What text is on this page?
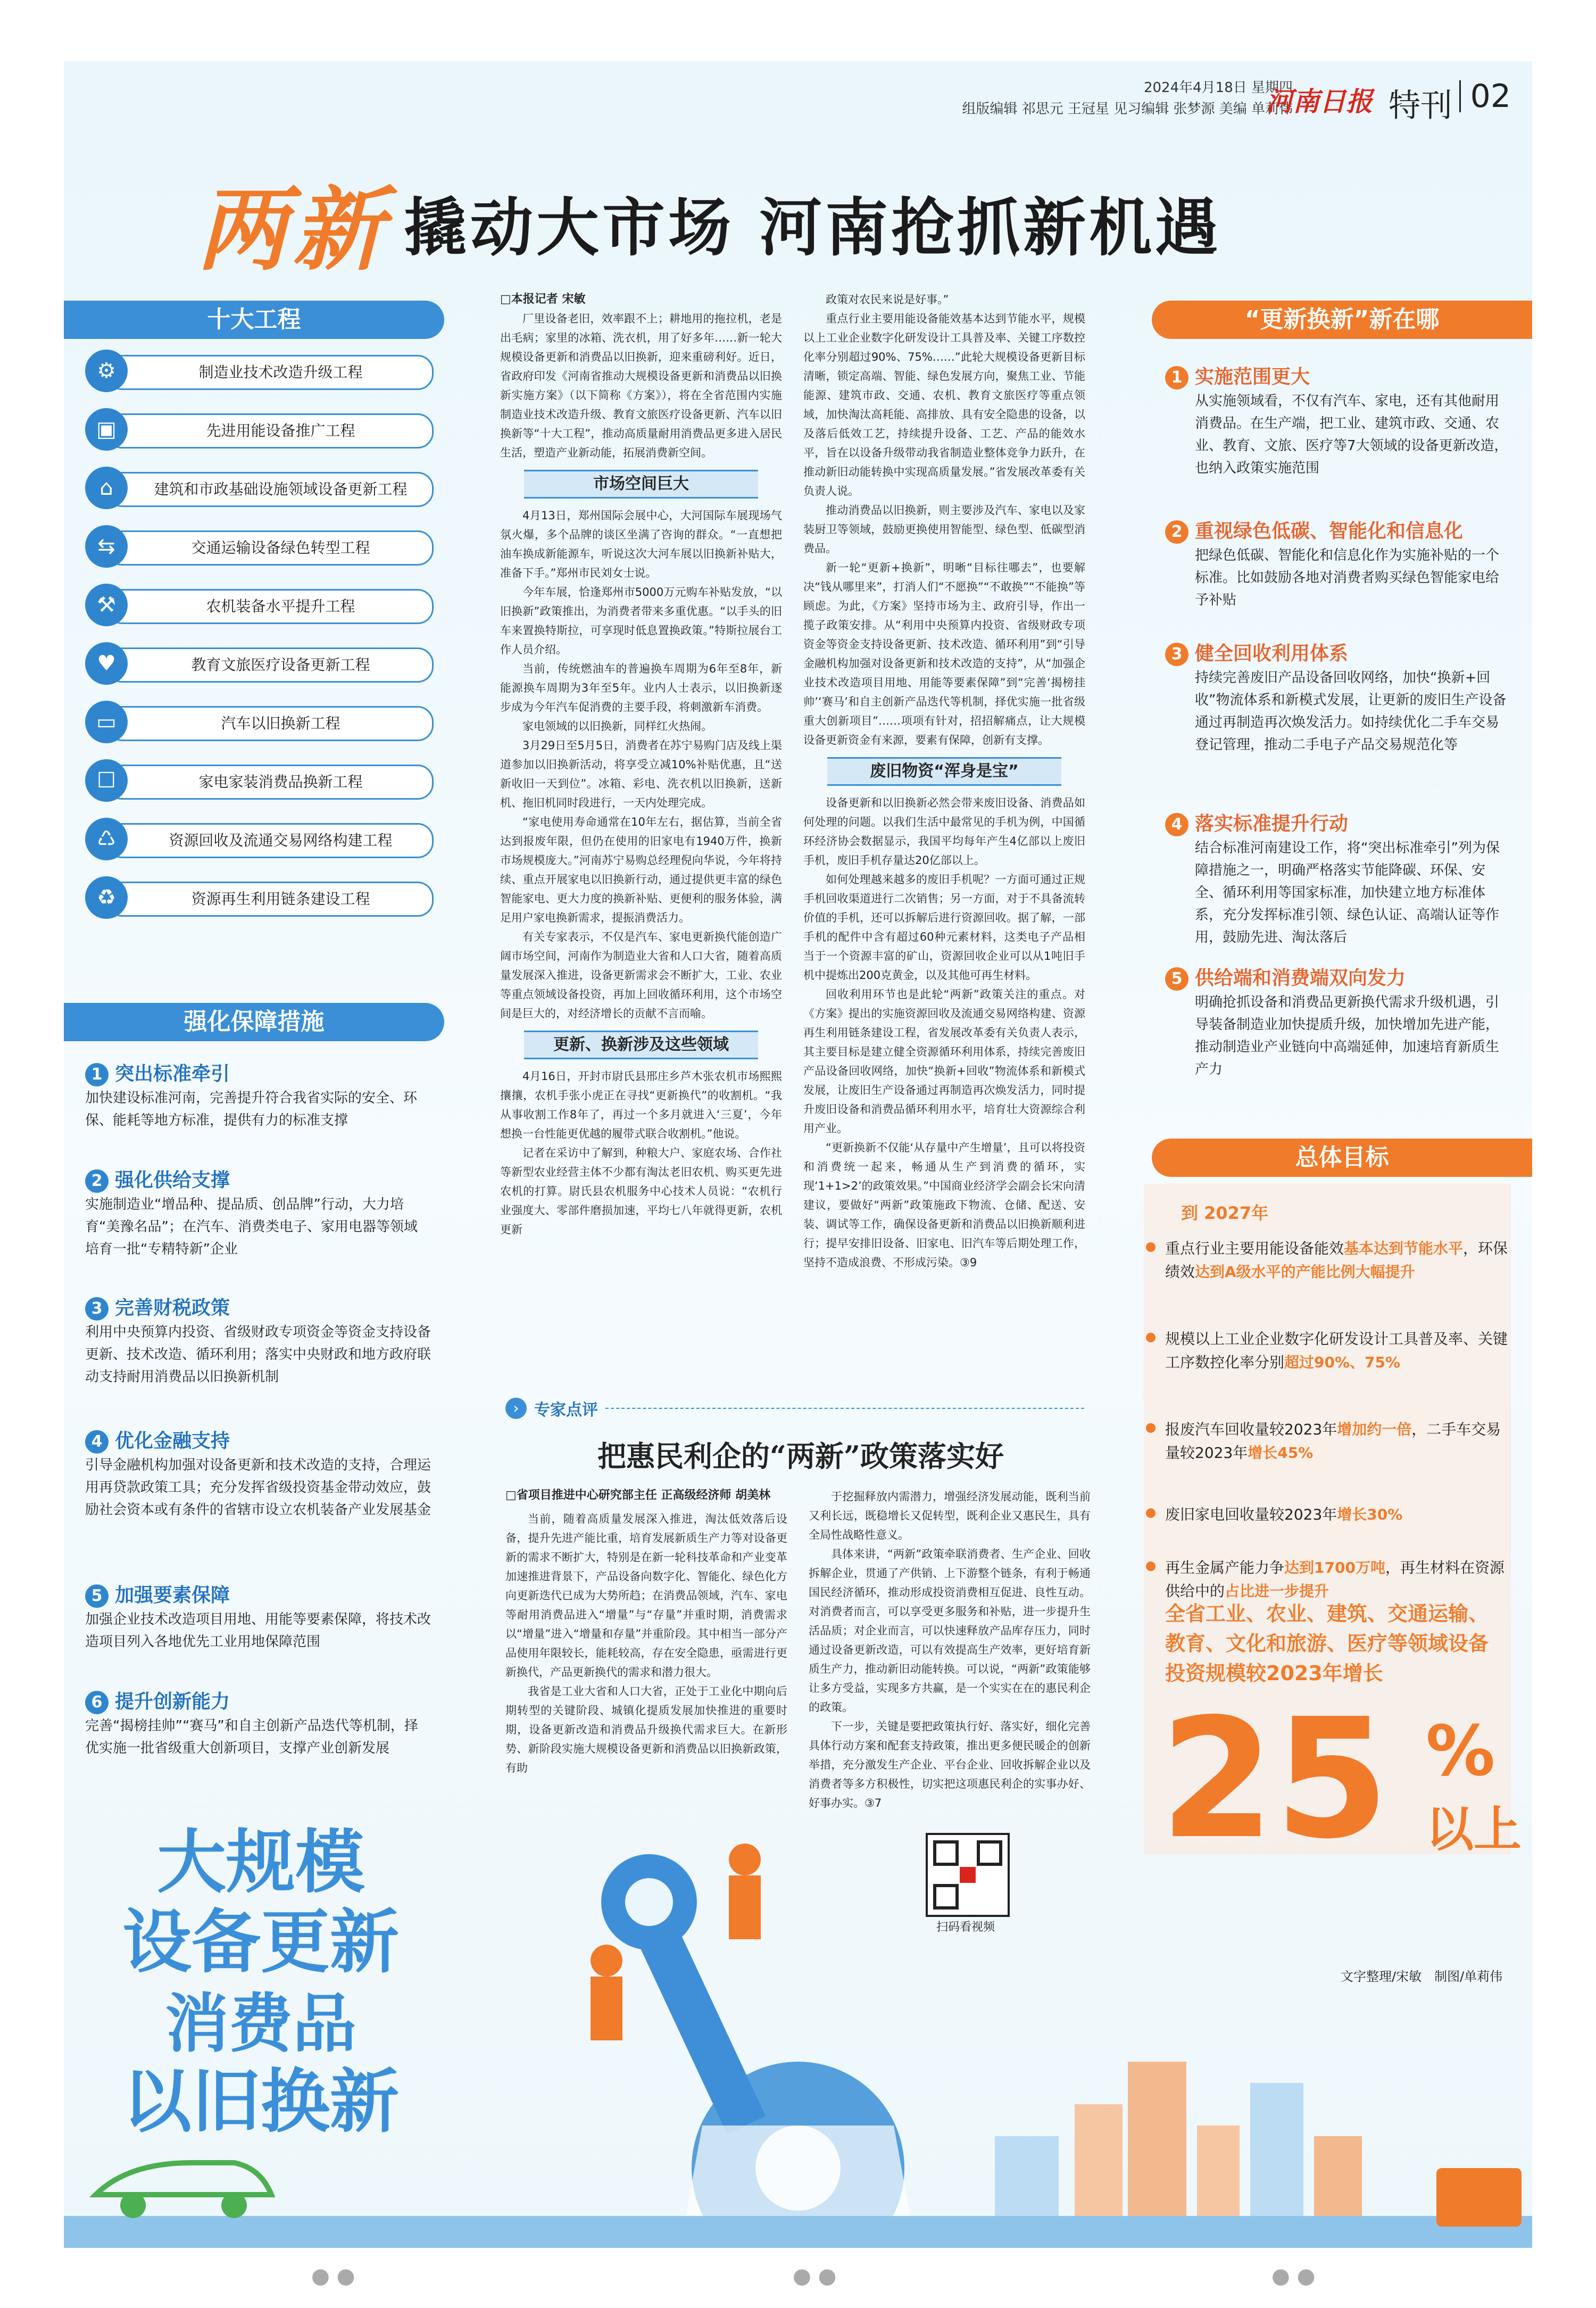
2024年4月18日 星期四
组版编辑 祁思元 王冠星 见习编辑 张梦源 美编 单莉伟
河南日报 特刊 02
两新 撬动大市场 河南抢抓新机遇
十大工程
⚙	制造业技术改造升级工程
▣	先进用能设备推广工程
⌂	建筑和市政基础设施领域设备更新工程
⇆	交通运输设备绿色转型工程
⚒	农机装备水平提升工程
♥	教育文旅医疗设备更新工程
▭	汽车以旧换新工程
☐	家电家装消费品换新工程
♺	资源回收及流通交易网络构建工程
♻	资源再生利用链条建设工程
强化保障措施
1 突出标准牵引
加快建设标准河南，完善提升符合我省实际的安全、环保、能耗等地方标准，提供有力的标准支撑
2 强化供给支撑
实施制造业“增品种、提品质、创品牌”行动，大力培育“美豫名品”；在汽车、消费类电子、家用电器等领域培育一批“专精特新”企业
3 完善财税政策
利用中央预算内投资、省级财政专项资金等资金支持设备更新、技术改造、循环利用；落实中央财政和地方政府联动支持耐用消费品以旧换新机制
4 优化金融支持
引导金融机构加强对设备更新和技术改造的支持，合理运用再贷款政策工具；充分发挥省级投资基金带动效应，鼓励社会资本或有条件的省辖市设立农机装备产业发展基金
5 加强要素保障
加强企业技术改造项目用地、用能等要素保障，将技术改造项目列入各地优先工业用地保障范围
6 提升创新能力
完善“揭榜挂帅”“赛马”和自主创新产品迭代等机制，择优实施一批省级重大创新项目，支撑产业创新发展
大规模
设备更新
消费品
以旧换新
□本报记者 宋敏

厂里设备老旧，效率跟不上；耕地用的拖拉机，老是出毛病；家里的冰箱、洗衣机，用了好多年……新一轮大规模设备更新和消费品以旧换新，迎来重磅利好。近日，省政府印发《河南省推动大规模设备更新和消费品以旧换新实施方案》（以下简称《方案》），将在全省范围内实施制造业技术改造升级、教育文旅医疗设备更新、汽车以旧换新等“十大工程”，推动高质量耐用消费品更多进入居民生活，塑造产业新动能，拓展消费新空间。

市场空间巨大

4月13日，郑州国际会展中心，大河国际车展现场气氛火爆，多个品牌的谈区坐满了咨询的群众。“一直想把油车换成新能源车，听说这次大河车展以旧换新补贴大，准备下手。”郑州市民刘女士说。

今年车展，恰逢郑州市5000万元购车补贴发放，“以旧换新”政策推出，为消费者带来多重优惠。“以手头的旧车来置换特斯拉，可享现时低息置换政策。”特斯拉展台工作人员介绍。

当前，传统燃油车的普遍换车周期为6年至8年，新能源换车周期为3年至5年。业内人士表示，以旧换新逐步成为今年汽车促消费的主要手段，将刺激新车消费。

家电领域的以旧换新，同样红火热闹。

3月29日至5月5日，消费者在苏宁易购门店及线上渠道参加以旧换新活动，将享受立减10%补贴优惠，且“送新收旧一天到位”。冰箱、彩电、洗衣机以旧换新，送新机、拖旧机同时段进行，一天内处理完成。

“家电使用寿命通常在10年左右，据估算，当前全省达到报废年限，但仍在使用的旧家电有1940万件，换新市场规模庞大。”河南苏宁易购总经理倪向华说，今年将持续、重点开展家电以旧换新行动，通过提供更丰富的绿色智能家电、更大力度的换新补贴、更便利的服务体验，满足用户家电换新需求，提振消费活力。

有关专家表示，不仅是汽车、家电更新换代能创造广阔市场空间，河南作为制造业大省和人口大省，随着高质量发展深入推进，设备更新需求会不断扩大，工业、农业等重点领域设备投资，再加上回收循环利用，这个市场空间是巨大的，对经济增长的贡献不言而喻。

更新、换新涉及这些领域

4月16日，开封市尉氏县邢庄乡芦木张农机市场熙熙攘攘，农机手张小虎正在寻找“更新换代”的收割机。“我从事收割工作8年了，再过一个多月就进入‘三夏’，今年想换一台性能更优越的履带式联合收割机。”他说。

记者在采访中了解到，种粮大户、家庭农场、合作社等新型农业经营主体不少都有淘汰老旧农机、购买更先进农机的打算。尉氏县农机服务中心技术人员说：“农机行业强度大、零部件磨损加速，平均七八年就得更新，农机更新

政策对农民来说是好事。”

重点行业主要用能设备能效基本达到节能水平，规模以上工业企业数字化研发设计工具普及率、关键工序数控化率分别超过90%、75%……”此轮大规模设备更新目标清晰，锁定高端、智能、绿色发展方向，聚焦工业、节能能源、建筑市政、交通、农机、教育文旅医疗等重点领域，加快淘汰高耗能、高排放、具有安全隐患的设备，以及落后低效工艺，持续提升设备、工艺、产品的能效水平，旨在以设备升级带动我省制造业整体竞争力跃升，在推动新旧动能转换中实现高质量发展。”省发展改革委有关负责人说。

推动消费品以旧换新，则主要涉及汽车、家电以及家装厨卫等领域，鼓励更换使用智能型、绿色型、低碳型消费品。

新一轮“更新+换新”，明晰“目标往哪去”，也要解决“钱从哪里来”，打消人们“不愿换”“不敢换”“不能换”等顾虑。为此，《方案》坚持市场为主、政府引导，作出一揽子政策安排。从“利用中央预算内投资、省级财政专项资金等资金支持设备更新、技术改造、循环利用”到“引导金融机构加强对设备更新和技术改造的支持”，从“加强企业技术改造项目用地、用能等要素保障”到“完善‘揭榜挂帅’‘赛马’和自主创新产品迭代等机制，择优实施一批省级重大创新项目”……项项有针对，招招解痛点，让大规模设备更新资金有来源，要素有保障，创新有支撑。

废旧物资“浑身是宝”

设备更新和以旧换新必然会带来废旧设备、消费品如何处理的问题。以我们生活中最常见的手机为例，中国循环经济协会数据显示，我国平均每年产生4亿部以上废旧手机，废旧手机存量达20亿部以上。

如何处理越来越多的废旧手机呢？一方面可通过正规手机回收渠道进行二次销售；另一方面，对于不具备流转价值的手机，还可以拆解后进行资源回收。据了解，一部手机的配件中含有超过60种元素材料，这类电子产品相当于一个资源丰富的矿山，资源回收企业可以从1吨旧手机中提炼出200克黄金，以及其他可再生材料。

回收利用环节也是此轮“两新”政策关注的重点。对《方案》提出的实施资源回收及流通交易网络构建、资源再生利用链条建设工程，省发展改革委有关负责人表示，其主要目标是建立健全资源循环利用体系，持续完善废旧产品设备回收网络，加快“换新+回收”物流体系和新模式发展，让废旧生产设备通过再制造再次焕发活力，同时提升废旧设备和消费品循环利用水平，培育壮大资源综合利用产业。

“更新换新不仅能‘从存量中产生增量’，且可以将投资和消费统一起来，畅通从生产到消费的循环，实现‘1+1>2’的政策效果。”中国商业经济学会副会长宋向清建议，要做好“两新”政策施政下物流、仓储、配送、安装、调试等工作，确保设备更新和消费品以旧换新顺利进行；提早安排旧设备、旧家电、旧汽车等后期处理工作，坚持不造成浪费、不形成污染。③9

› 专家点评
把惠民利企的“两新”政策落实好
□省项目推进中心研究部主任 正高级经济师 胡美林

当前，随着高质量发展深入推进，淘汰低效落后设备，提升先进产能比重，培育发展新质生产力等对设备更新的需求不断扩大，特别是在新一轮科技革命和产业变革加速推进背景下，产品设备向数字化、智能化、绿色化方向更新迭代已成为大势所趋；在消费品领域，汽车、家电等耐用消费品进入“增量”与“存量”并重时期，消费需求以“增量”进入“增量和存量”并重阶段。其中相当一部分产品使用年限较长，能耗较高，存在安全隐患，亟需进行更新换代，产品更新换代的需求和潜力很大。

我省是工业大省和人口大省，正处于工业化中期向后期转型的关键阶段、城镇化提质发展加快推进的重要时期，设备更新改造和消费品升级换代需求巨大。在新形势、新阶段实施大规模设备更新和消费品以旧换新政策，有助

于挖掘释放内需潜力，增强经济发展动能，既利当前又利长远，既稳增长又促转型，既利企业又惠民生，具有全局性战略性意义。

具体来讲，“两新”政策牵联消费者、生产企业、回收拆解企业，贯通了产供销、上下游整个链条，有利于畅通国民经济循环，推动形成投资消费相互促进、良性互动。对消费者而言，可以享受更多服务和补贴，进一步提升生活品质；对企业而言，可以快速释放产品库存压力，同时通过设备更新改造，可以有效提高生产效率，更好培育新质生产力，推动新旧动能转换。可以说，“两新”政策能够让多方受益，实现多方共赢，是一个实实在在的惠民利企的政策。

下一步，关键是要把政策执行好、落实好，细化完善具体行动方案和配套支持政策，推出更多便民暖企的创新举措，充分激发生产企业、平台企业、回收拆解企业以及消费者等多方积极性，切实把这项惠民利企的实事办好、好事办实。③7

扫码看视频
“更新换新”新在哪
1 实施范围更大
从实施领域看，不仅有汽车、家电，还有其他耐用消费品。在生产端，把工业、建筑市政、交通、农业、教育、文旅、医疗等7大领域的设备更新改造，也纳入政策实施范围
2 重视绿色低碳、智能化和信息化
把绿色低碳、智能化和信息化作为实施补贴的一个标准。比如鼓励各地对消费者购买绿色智能家电给予补贴
3 健全回收利用体系
持续完善废旧产品设备回收网络，加快“换新+回收”物流体系和新模式发展，让更新的废旧生产设备通过再制造再次焕发活力。如持续优化二手车交易登记管理，推动二手电子产品交易规范化等
4 落实标准提升行动
结合标准河南建设工作，将“突出标准牵引”列为保障措施之一，明确严格落实节能降碳、环保、安全、循环利用等国家标准，加快建立地方标准体系，充分发挥标准引领、绿色认证、高端认证等作用，鼓励先进、淘汰落后
5 供给端和消费端双向发力
明确抢抓设备和消费品更新换代需求升级机遇，引导装备制造业加快提质升级，加快增加先进产能，推动制造业产业链向中高端延伸，加速培育新质生产力
总体目标
到 2027年
重点行业主要用能设备能效基本达到节能水平，环保绩效达到A级水平的产能比例大幅提升
规模以上工业企业数字化研发设计工具普及率、关键工序数控化率分别超过90%、75%
报废汽车回收量较2023年增加约一倍，二手车交易量较2023年增长45%
废旧家电回收量较2023年增长30%
再生金属产能力争达到1700万吨，再生材料在资源供给中的占比进一步提升
全省工业、农业、建筑、交通运输、教育、文化和旅游、医疗等领域设备投资规模较2023年增长
25 %
以上
文字整理/宋敏　制图/单莉伟
● ●	● ●	● ●
